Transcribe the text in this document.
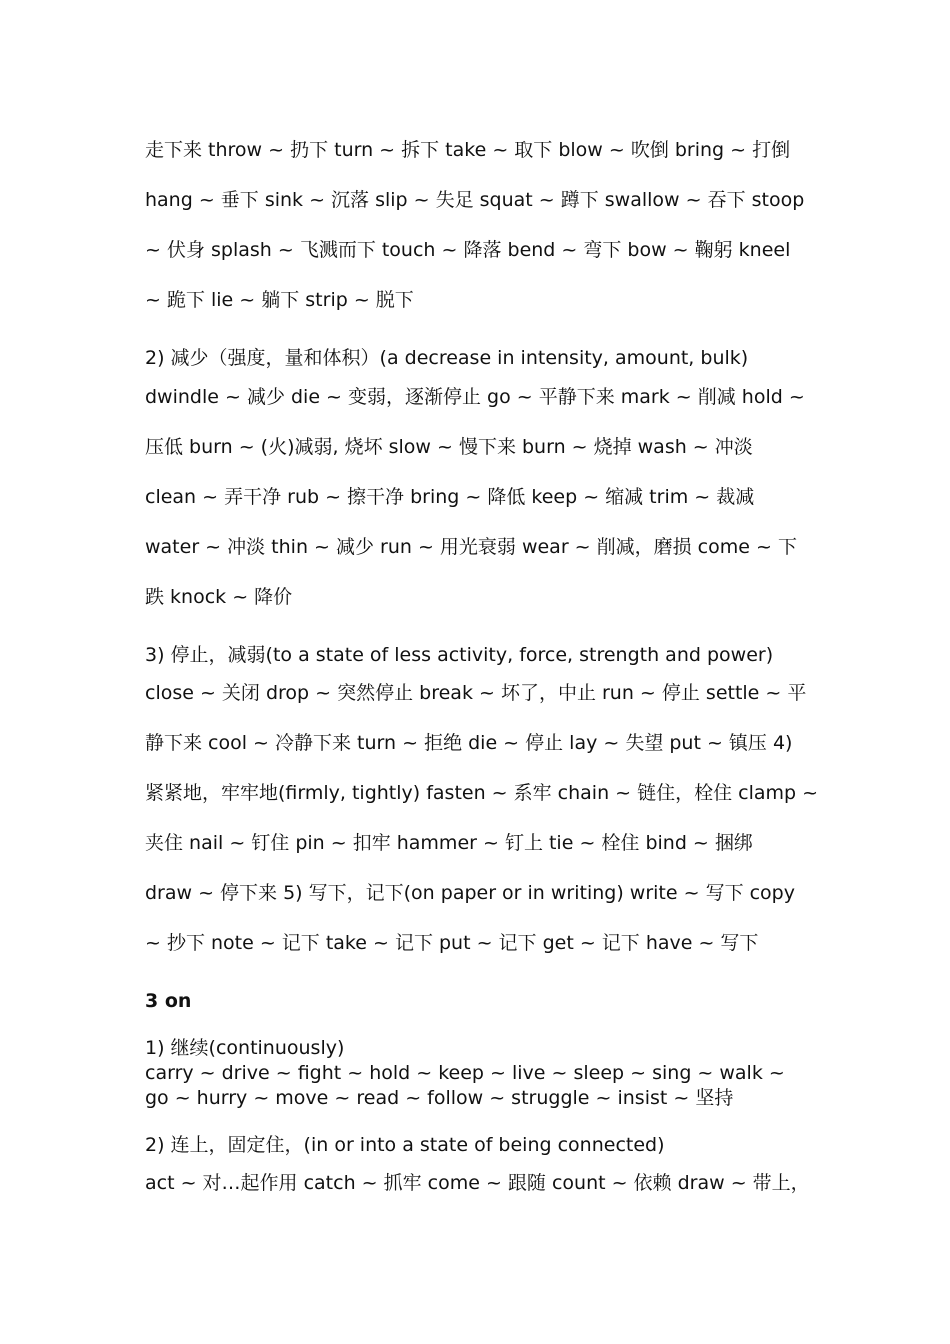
走下来 throw ~ 扔下 turn ~ 拆下 take ~ 取下 blow ~ 吹倒 bring ~ 打倒
hang ~ 垂下 sink ~ 沉落 slip ~ 失足 squat ~ 蹲下 swallow ~ 吞下 stoop
~ 伏身 splash ~ 飞溅而下 touch ~ 降落 bend ~ 弯下 bow ~ 鞠躬 kneel
~ 跪下 lie ~ 躺下 strip ~ 脱下
2) 减少（强度，量和体积）(a decrease in intensity, amount, bulk)
dwindle ~ 减少 die ~ 变弱，逐渐停止 go ~ 平静下来 mark ~ 削减 hold ~
压低 burn ~ (火)减弱, 烧坏 slow ~ 慢下来 burn ~ 烧掉 wash ~ 冲淡
clean ~ 弄干净 rub ~ 擦干净 bring ~ 降低 keep ~ 缩减 trim ~ 裁减
water ~ 冲淡 thin ~ 减少 run ~ 用光衰弱 wear ~ 削减，磨损 come ~ 下
跌 knock ~ 降价
3) 停止，减弱(to a state of less activity, force, strength and power)
close ~ 关闭 drop ~ 突然停止 break ~ 坏了，中止 run ~ 停止 settle ~ 平
静下来 cool ~ 冷静下来 turn ~ 拒绝 die ~ 停止 lay ~ 失望 put ~ 镇压 4)
紧紧地，牢牢地(firmly, tightly) fasten ~ 系牢 chain ~ 链住，栓住 clamp ~
夹住 nail ~ 钉住 pin ~ 扣牢 hammer ~ 钉上 tie ~ 栓住 bind ~ 捆绑
draw ~ 停下来 5) 写下，记下(on paper or in writing) write ~ 写下 copy
~ 抄下 note ~ 记下 take ~ 记下 put ~ 记下 get ~ 记下 have ~ 写下
3 on
1) 继续(continuously)
carry ~ drive ~ fight ~ hold ~ keep ~ live ~ sleep ~ sing ~ walk ~
go ~ hurry ~ move ~ read ~ follow ~ struggle ~ insist ~ 坚持
2) 连上，固定住，(in or into a state of being connected)
act ~ 对…起作用 catch ~ 抓牢 come ~ 跟随 count ~ 依赖 draw ~ 带上，
